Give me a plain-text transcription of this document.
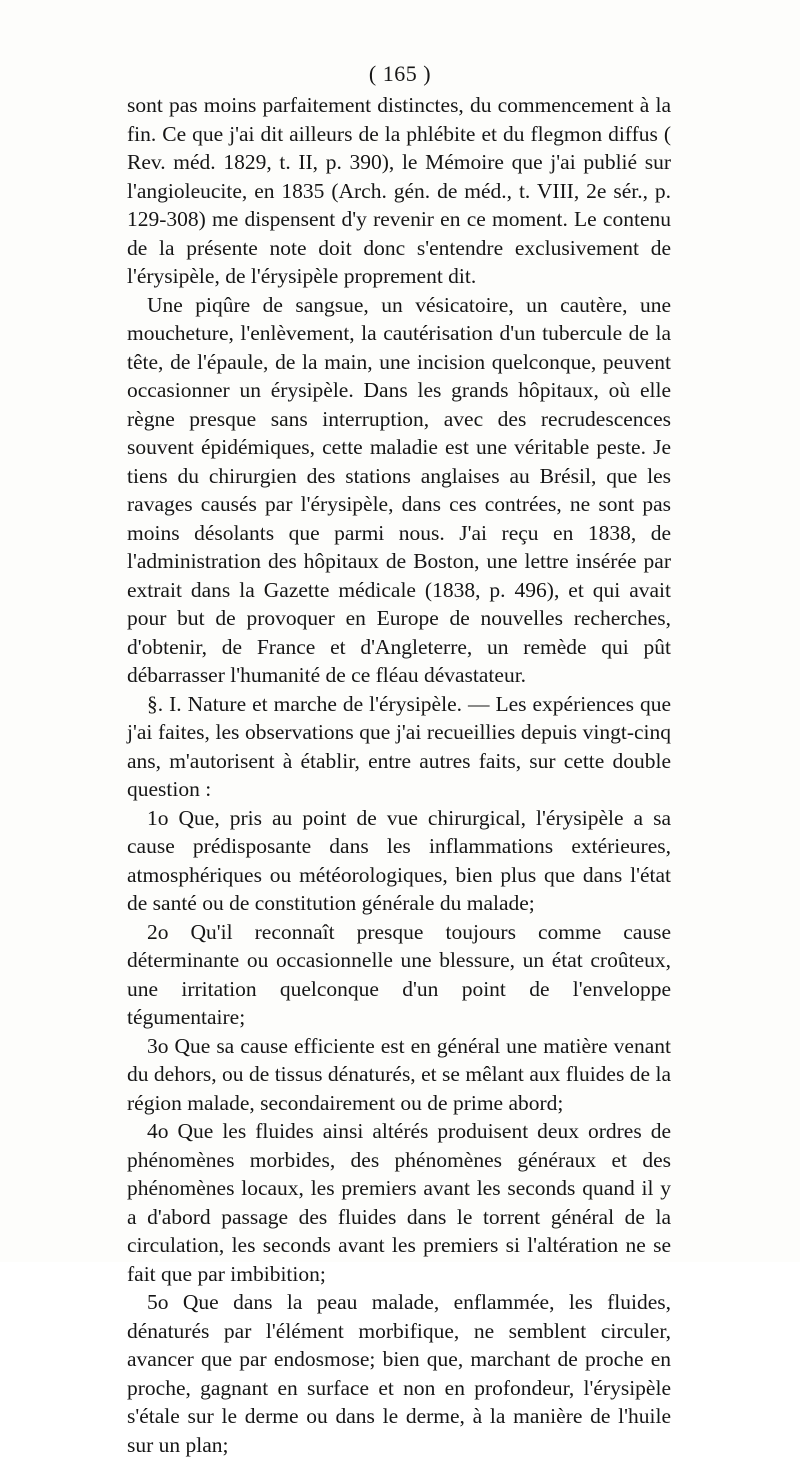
( 165 )

sont pas moins parfaitement distinctes, du commencement à la fin. Ce que j'ai dit ailleurs de la phlébite et du flegmon diffus ( Rev. méd. 1829, t. II, p. 390), le Mémoire que j'ai publié sur l'angioleucite, en 1835 (Arch. gén. de méd., t. VIII, 2e sér., p. 129-308) me dispensent d'y revenir en ce moment. Le contenu de la présente note doit donc s'entendre exclusivement de l'érysipèle, de l'érysipèle proprement dit.

Une piqûre de sangsue, un vésicatoire, un cautère, une moucheture, l'enlèvement, la cautérisation d'un tubercule de la tête, de l'épaule, de la main, une incision quelconque, peuvent occasionner un érysipèle. Dans les grands hôpitaux, où elle règne presque sans interruption, avec des recrudescences souvent épidémiques, cette maladie est une véritable peste. Je tiens du chirurgien des stations anglaises au Brésil, que les ravages causés par l'érysipèle, dans ces contrées, ne sont pas moins désolants que parmi nous. J'ai reçu en 1838, de l'administration des hôpitaux de Boston, une lettre insérée par extrait dans la Gazette médicale (1838, p. 496), et qui avait pour but de provoquer en Europe de nouvelles recherches, d'obtenir, de France et d'Angleterre, un remède qui pût débarrasser l'humanité de ce fléau dévastateur.

§. I. Nature et marche de l'érysipèle. — Les expériences que j'ai faites, les observations que j'ai recueillies depuis vingt-cinq ans, m'autorisent à établir, entre autres faits, sur cette double question :

1o Que, pris au point de vue chirurgical, l'érysipèle a sa cause prédisposante dans les inflammations extérieures, atmosphériques ou météorologiques, bien plus que dans l'état de santé ou de constitution générale du malade;

2o Qu'il reconnaît presque toujours comme cause déterminante ou occasionnelle une blessure, un état croûteux, une irritation quelconque d'un point de l'enveloppe tégumentaire;

3o Que sa cause efficiente est en général une matière venant du dehors, ou de tissus dénaturés, et se mêlant aux fluides de la région malade, secondairement ou de prime abord;

4o Que les fluides ainsi altérés produisent deux ordres de phénomènes morbides, des phénomènes généraux et des phénomènes locaux, les premiers avant les seconds quand il y a d'abord passage des fluides dans le torrent général de la circulation, les seconds avant les premiers si l'altération ne se fait que par imbibition;

5o Que dans la peau malade, enflammée, les fluides, dénaturés par l'élément morbifique, ne semblent circuler, avancer que par endosmose; bien que, marchant de proche en proche, gagnant en surface et non en profondeur, l'érysipèle s'étale sur le derme ou dans le derme, à la manière de l'huile sur un plan;
